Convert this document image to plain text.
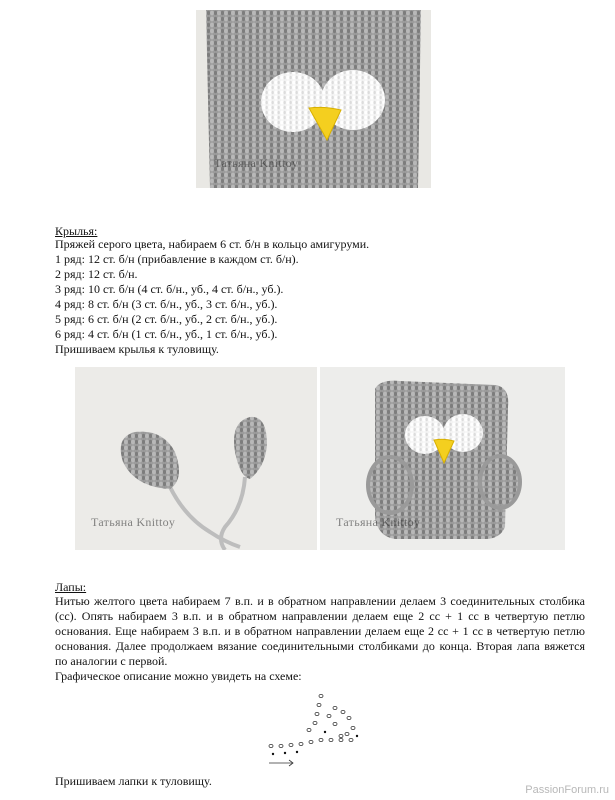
Татьяна Knittoy
Крылья:
Пряжей серого цвета, набираем 6 ст. б/н в кольцо амигуруми.
1 ряд: 12 ст. б/н (прибавление в каждом ст. б/н).
2 ряд: 12 ст. б/н.
3 ряд: 10 ст. б/н (4 ст. б/н., уб., 4 ст. б/н., уб.).
4 ряд: 8 ст. б/н (3 ст. б/н., уб., 3 ст. б/н., уб.).
5 ряд: 6 ст. б/н (2 ст. б/н., уб., 2 ст. б/н., уб.).
6 ряд: 4 ст. б/н (1 ст. б/н., уб., 1 ст. б/н., уб.).
Пришиваем крылья к туловищу.
Татьяна Knittoy	Татьяна Knittoy
Лапы:
Нитью желтого цвета набираем 7 в.п. и в обратном направлении делаем 3 соединительных столбика (сс). Опять набираем 3 в.п. и в обратном направлении делаем еще 2 сс + 1 сс в четвертую петлю основания. Еще набираем 3 в.п. и в обратном направлении делаем еще 2 сс + 1 сс в четвертую петлю основания. Далее продолжаем вязание соединительными столбиками до конца. Вторая лапа вяжется по аналогии с первой.
Графическое описание можно увидеть на схеме:
Пришиваем лапки к туловищу.
PassionForum.ru
